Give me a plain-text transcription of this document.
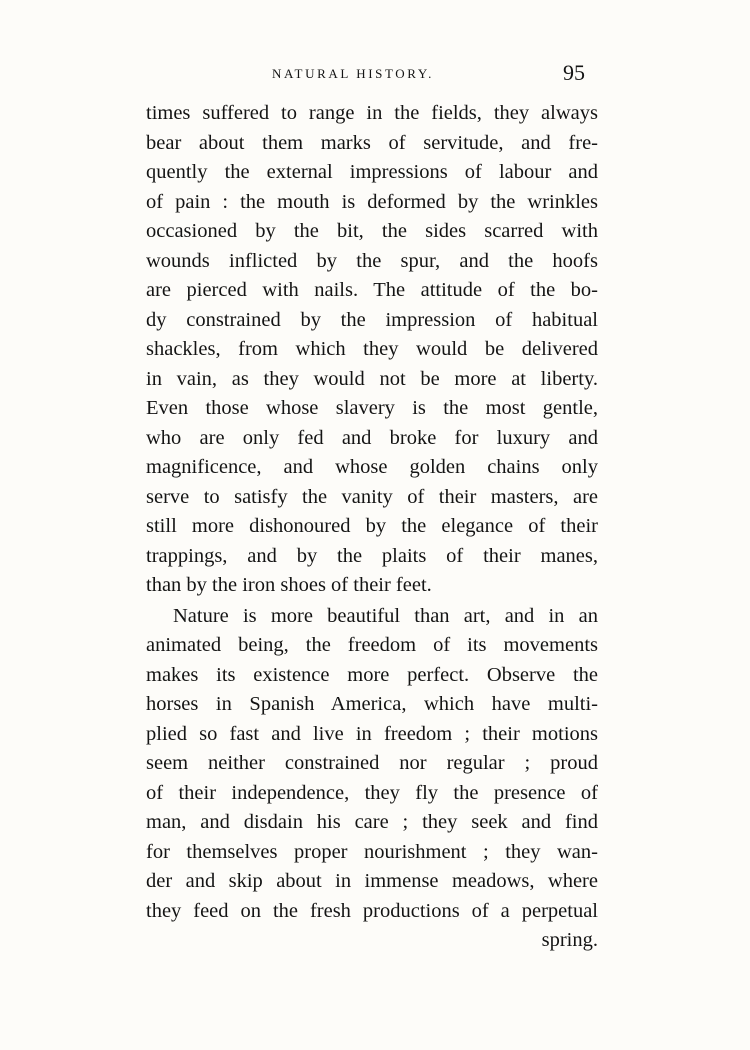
NATURAL HISTORY.	95
times suffered to range in the fields, they always
bear about them marks of servitude, and fre-
quently the external impressions of labour and
of pain : the mouth is deformed by the wrinkles
occasioned by the bit, the sides scarred with
wounds inflicted by the spur, and the hoofs
are pierced with nails. The attitude of the bo-
dy constrained by the impression of habitual
shackles, from which they would be delivered
in vain, as they would not be more at liberty.
Even those whose slavery is the most gentle,
who are only fed and broke for luxury and
magnificence, and whose golden chains only
serve to satisfy the vanity of their masters, are
still more dishonoured by the elegance of their
trappings, and by the plaits of their manes,
than by the iron shoes of their feet.
Nature is more beautiful than art, and in an
animated being, the freedom of its movements
makes its existence more perfect. Observe the
horses in Spanish America, which have multi-
plied so fast and live in freedom ; their motions
seem neither constrained nor regular ; proud
of their independence, they fly the presence of
man, and disdain his care ; they seek and find
for themselves proper nourishment ; they wan-
der and skip about in immense meadows, where
they feed on the fresh productions of a perpetual
spring.
